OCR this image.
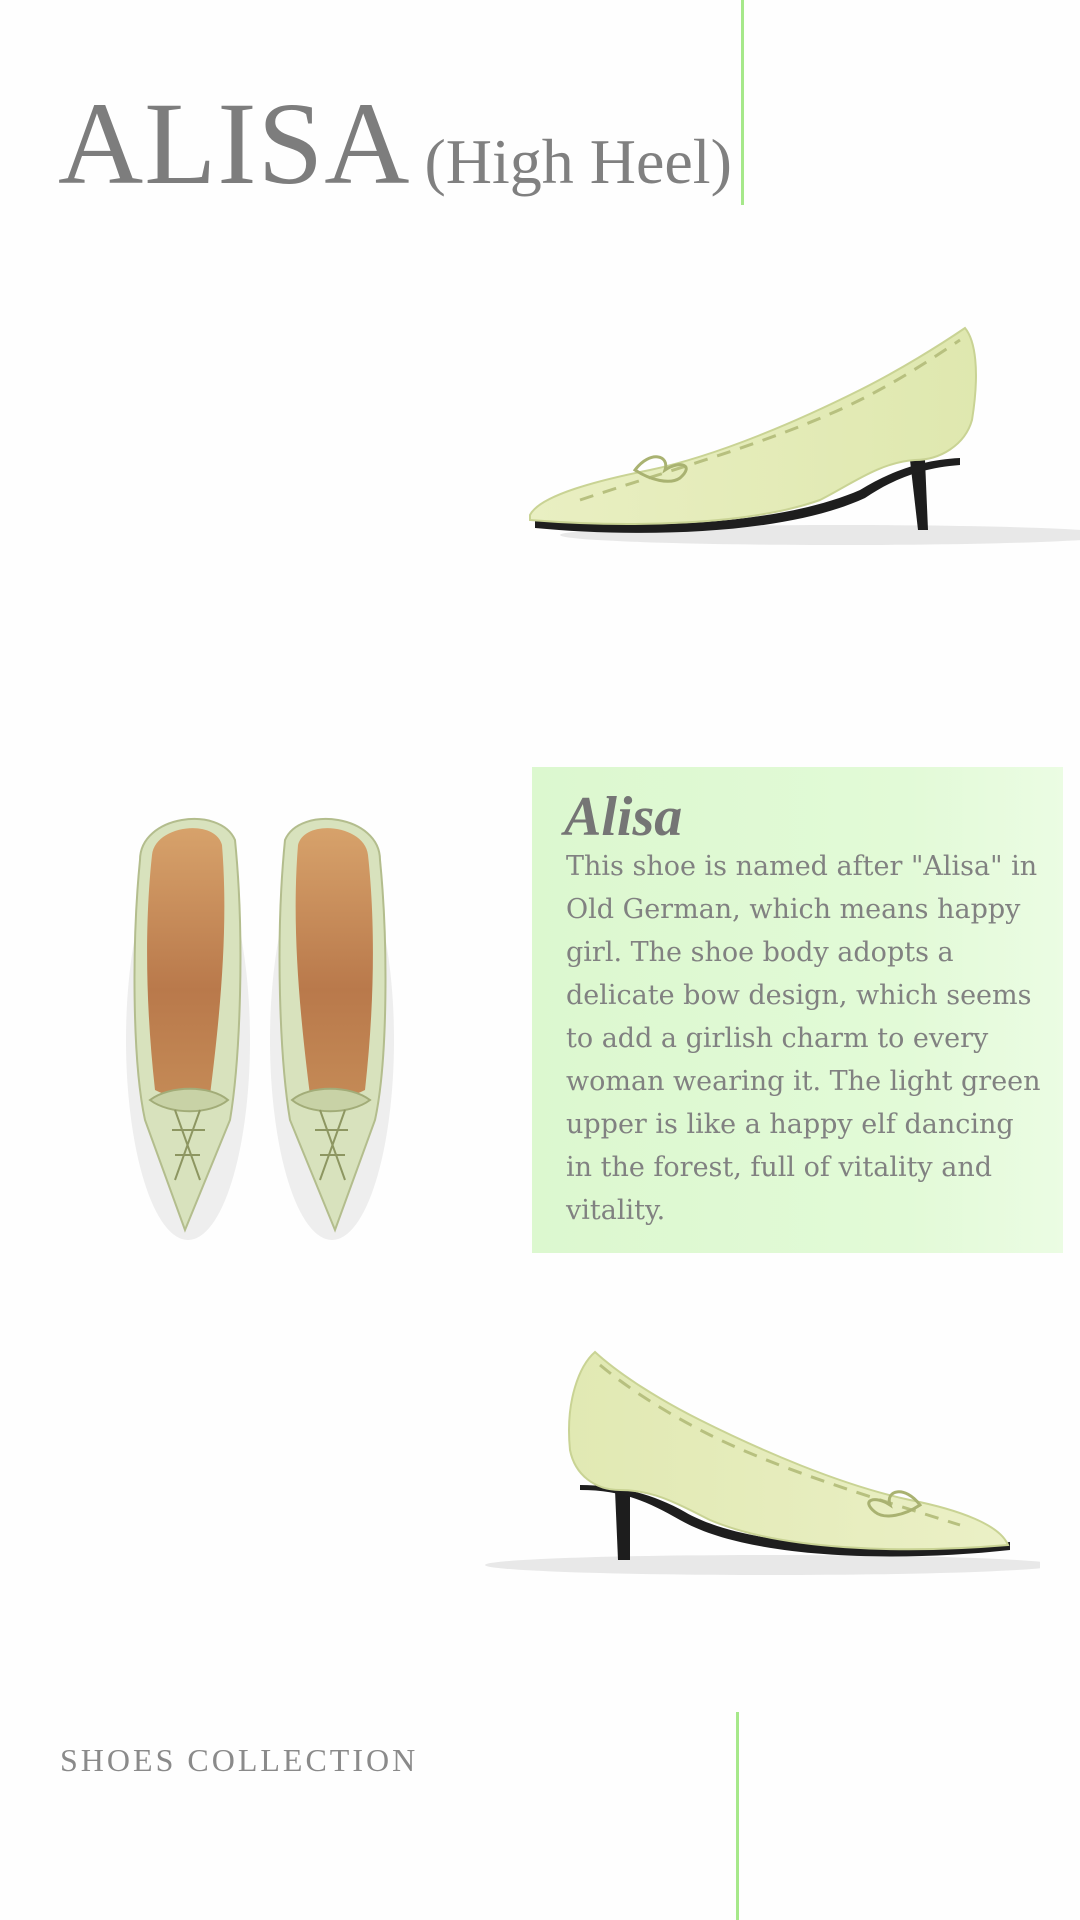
ALISA (High Heel)
Alisa
This shoe is named after "Alisa" in Old German, which means happy girl. The shoe body adopts a delicate bow design, which seems to add a girlish charm to every woman wearing it. The light green upper is like a happy elf dancing in the forest, full of vitality and vitality.
SHOES COLLECTION
